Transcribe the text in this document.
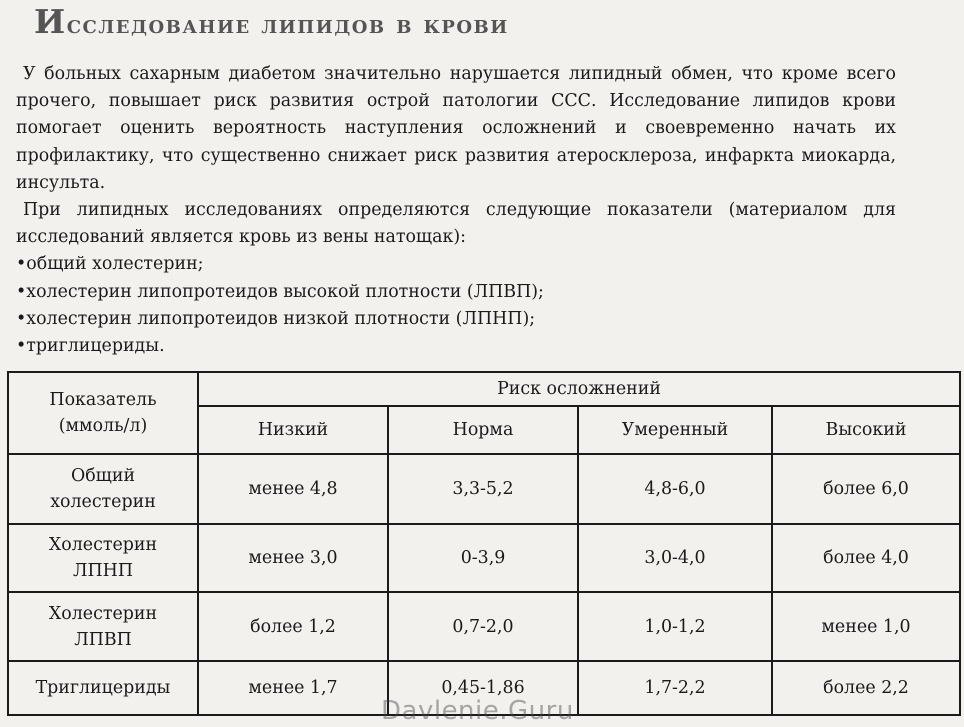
Исследование липидов в крови

У больных сахарным диабетом значительно нарушается липидный обмен, что кроме всего прочего, повышает риск развития острой патологии ССС. Исследование липидов крови помогает оценить вероятность наступления осложнений и своевременно начать их профилактику, что существенно снижает риск развития атеросклероза, инфаркта миокарда, инсульта.

При липидных исследованиях определяются следующие показатели (материалом для исследований является кровь из вены натощак):

•общий холестерин;
•холестерин липопротеидов высокой плотности (ЛПВП);
•холестерин липопротеидов низкой плотности (ЛПНП);
•триглицериды.
Показатель
(ммоль/л)	Риск осложнений			
	Низкий	Норма	Умеренный	Высокий
Общий
холестерин	менее 4,8	3,3-5,2	4,8-6,0	более 6,0
Холестерин
ЛПНП	менее 3,0	0-3,9	3,0-4,0	более 4,0
Холестерин
ЛПВП	более 1,2	0,7-2,0	1,0-1,2	менее 1,0
Триглицериды	менее 1,7	0,45-1,86	1,7-2,2	более 2,2
Davlenie.Guru
